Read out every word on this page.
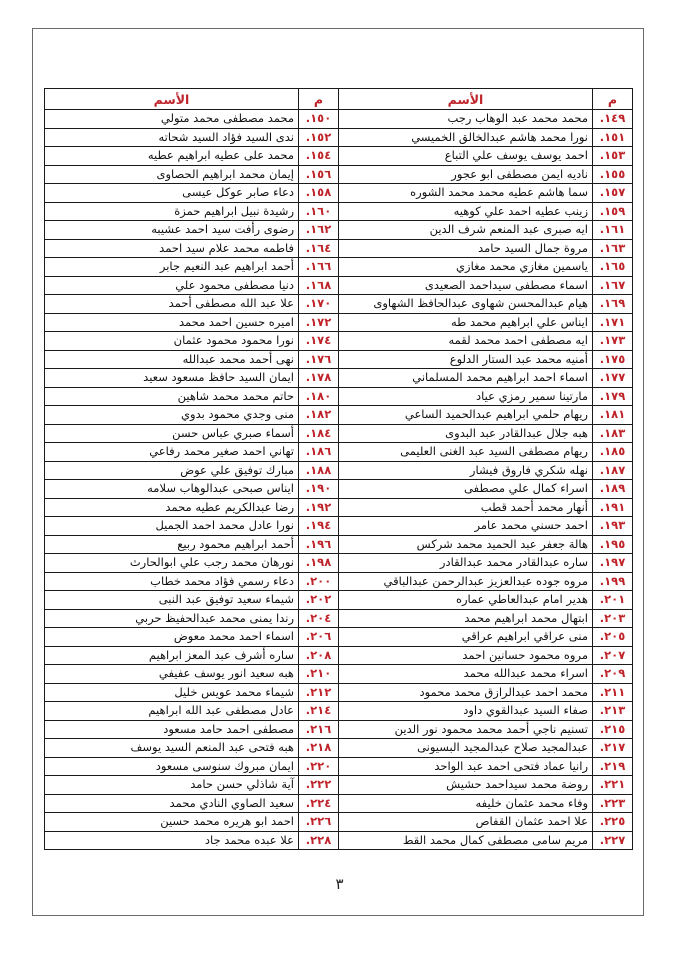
م	الأسم	م	الأسم
١٤٩.	محمد محمد عبد الوهاب رجب	١٥٠.	محمد مصطفى محمد متولي
١٥١.	نورا محمد هاشم عبدالخالق الخميسي	١٥٢.	ندى السيد فؤاد السيد شحاته
١٥٣.	احمد يوسف يوسف علي التباع	١٥٤.	محمد على عطيه ابراهيم عطيه
١٥٥.	ناديه ايمن مصطفى ابو عجور	١٥٦.	إيمان محمد ابراهيم الحصاوى
١٥٧.	سما هاشم عطيه محمد محمد الشوره	١٥٨.	دعاء صابر عوكل عيسى
١٥٩.	زينب عطيه احمد علي كوهيه	١٦٠.	رشيدة نبيل ابراهيم حمزة
١٦١.	ايه صبرى عبد المنعم شرف الدين	١٦٢.	رضوى رأفت سيد احمد عشيبه
١٦٣.	مروة جمال السيد حامد	١٦٤.	فاطمه محمد علام سيد احمد
١٦٥.	ياسمين مغازي محمد مغازي	١٦٦.	أحمد ابراهيم عبد النعيم جابر
١٦٧.	اسماء مصطفى سيداحمد الصعيدى	١٦٨.	دنيا مصطفى محمود علي
١٦٩.	هيام عبدالمحسن شهاوى عبدالحافظ الشهاوى	١٧٠.	علا عبد الله مصطفى أحمد
١٧١.	ايناس علي ابراهيم محمد طه	١٧٢.	اميره حسين احمد محمد
١٧٣.	ايه مصطفى احمد محمد لقمه	١٧٤.	نورا محمود محمود عثمان
١٧٥.	أمنيه محمد عبد الستار الدلوع	١٧٦.	نهى أحمد محمد عبدالله
١٧٧.	اسماء احمد ابراهيم محمد المسلماني	١٧٨.	ايمان السيد حافظ مسعود سعيد
١٧٩.	مارتينا سمير رمزي عياد	١٨٠.	حاتم محمد محمد شاهين
١٨١.	ريهام حلمي ابراهيم عبدالحميد الساعي	١٨٢.	منى وجدي محمود بدوي
١٨٣.	هبه جلال عبدالقادر عبد البدوى	١٨٤.	أسماء صبري عباس حسن
١٨٥.	ريهام مصطفى السيد عبد الغنى العليمى	١٨٦.	تهاني احمد صغير محمد رفاعي
١٨٧.	نهله شكري فاروق فيشار	١٨٨.	مبارك توفيق علي عوض
١٨٩.	اسراء كمال علي مصطفى	١٩٠.	ايناس صبحى عبدالوهاب سلامه
١٩١.	أنهار محمد أحمد قطب	١٩٢.	رضا عبدالكريم عطيه محمد
١٩٣.	احمد حسني محمد عامر	١٩٤.	نورا عادل محمد احمد الجميل
١٩٥.	هالة جعفر عبد الحميد محمد شركس	١٩٦.	أحمد ابراهيم محمود ربيع
١٩٧.	ساره عبدالقادر محمد عبدالقادر	١٩٨.	نورهان محمد رجب علي ابوالحارث
١٩٩.	مروه جوده عبدالعزيز عبدالرحمن عبدالباقي	٢٠٠.	دعاء رسمي فؤاد محمد خطاب
٢٠١.	هدير امام عبدالعاطي عماره	٢٠٢.	شيماء سعيد توفيق عبد النبى
٢٠٣.	ابتهال محمد ابراهيم محمد	٢٠٤.	رندا يمنى محمد عبدالحفيظ حربي
٢٠٥.	منى عراقي ابراهيم عراقي	٢٠٦.	اسماء احمد محمد معوض
٢٠٧.	مروه محمود حسانين احمد	٢٠٨.	ساره أشرف عبد المعز ابراهيم
٢٠٩.	اسراء محمد عبدالله محمد	٢١٠.	هبه سعيد انور يوسف عفيفي
٢١١.	محمد احمد عبدالرازق محمد محمود	٢١٢.	شيماء محمد عويس خليل
٢١٣.	صفاء السيد عبدالقوي داود	٢١٤.	عادل مصطفى عبد الله ابراهيم
٢١٥.	تسنيم ناجي أحمد محمد محمود نور الدين	٢١٦.	مصطفى احمد حامد مسعود
٢١٧.	عبدالمجيد صلاح عبدالمجيد البسيونى	٢١٨.	هبه فتحى عبد المنعم السيد يوسف
٢١٩.	رانيا عماد فتحى احمد عبد الواحد	٢٢٠.	ايمان مبروك سنوسى مسعود
٢٢١.	روضة محمد سيداحمد حشيش	٢٢٢.	آية شاذلي حسن حامد
٢٢٣.	وفاء محمد عثمان خليفه	٢٢٤.	سعيد الصاوي النادي محمد
٢٢٥.	علا احمد عثمان القفاص	٢٢٦.	احمد ابو هريره محمد حسين
٢٢٧.	مريم سامى مصطفى كمال محمد القط	٢٢٨.	علا عبده محمد جاد
٣
